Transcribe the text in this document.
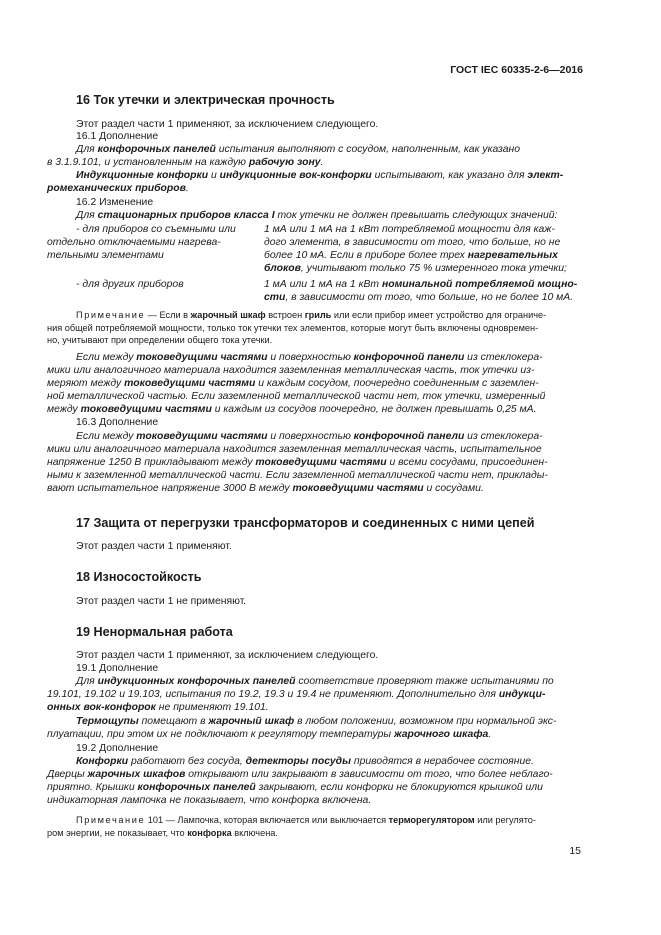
ГОСТ IEC 60335-2-6—2016
16 Ток утечки и электрическая прочность
Этот раздел части 1 применяют, за исключением следующего.
16.1 Дополнение
Для конфорочных панелей испытания выполняют с сосудом, наполненным, как указано
в 3.1.9.101, и установленным на каждую рабочую зону.
Индукционные конфорки и индукционные вок-конфорки испытывают, как указано для элект-
ромеханических приборов.
16.2 Изменение
Для стационарных приборов класса I ток утечки не должен превышать следующих значений:
- для приборов со съемными или
отдельно отключаемыми нагрева-
тельными элементами
1 мА или 1 мА на 1 кВт потребляемой мощности для каж-
дого элемента, в зависимости от того, что больше, но не
более 10 мА. Если в приборе более трех нагревательных
блоков, учитывают только 75 % измеренного тока утечки;
- для других приборов	1 мА или 1 мА на 1 кВт номинальной потребляемой мощно-
сти, в зависимости от того, что больше, но не более 10 мА.
Примечание — Если в жарочный шкаф встроен гриль или если прибор имеет устройство для ограниче-
ния общей потребляемой мощности, только ток утечки тех элементов, которые могут быть включены одновремен-
но, учитывают при определении общего тока утечки.
Если между токоведущими частями и поверхностью конфорочной панели из стеклокера-
мики или аналогичного материала находится заземленная металлическая часть, ток утечки из-
меряют между токоведущими частями и каждым сосудом, поочередно соединенным с заземлен-
ной металлической частью. Если заземленной металлической части нет, ток утечки, измеренный
между токоведущими частями и каждым из сосудов поочередно, не должен превышать 0,25 мА.
16.3 Дополнение
Если между токоведущими частями и поверхностью конфорочной панели из стеклокера-
мики или аналогичного материала находится заземленная металлическая часть, испытательное
напряжение 1250 В прикладывают между токоведущими частями и всеми сосудами, присоединен-
ными к заземленной металлической части. Если заземленной металлической части нет, приклады-
вают испытательное напряжение 3000 В между токоведущими частями и сосудами.
17 Защита от перегрузки трансформаторов и соединенных с ними цепей
Этот раздел части 1 применяют.
18 Износостойкость
Этот раздел части 1 не применяют.
19 Ненормальная работа
Этот раздел части 1 применяют, за исключением следующего.
19.1 Дополнение
Для индукционных конфорочных панелей соответствие проверяют также испытаниями по
19.101, 19.102 и 19.103, испытания по 19.2, 19.3 и 19.4 не применяют. Дополнительно для индукци-
онных вок-конфорок не применяют 19.101.
Термощупы помещают в жарочный шкаф в любом положении, возможном при нормальной экс-
плуатации, при этом их не подключают к регулятору температуры жарочного шкафа.
19.2 Дополнение
Конфорки работают без сосуда, детекторы посуды приводятся в нерабочее состояние.
Дверцы жарочных шкафов открывают или закрывают в зависимости от того, что более неблаго-
приятно. Крышки конфорочных панелей закрывают, если конфорки не блокируются крышкой или
индикаторная лампочка не показывает, что конфорка включена.
Примечание 101 — Лампочка, которая включается или выключается терморегулятором или регулято-
ром энергии, не показывает, что конфорка включена.
15
